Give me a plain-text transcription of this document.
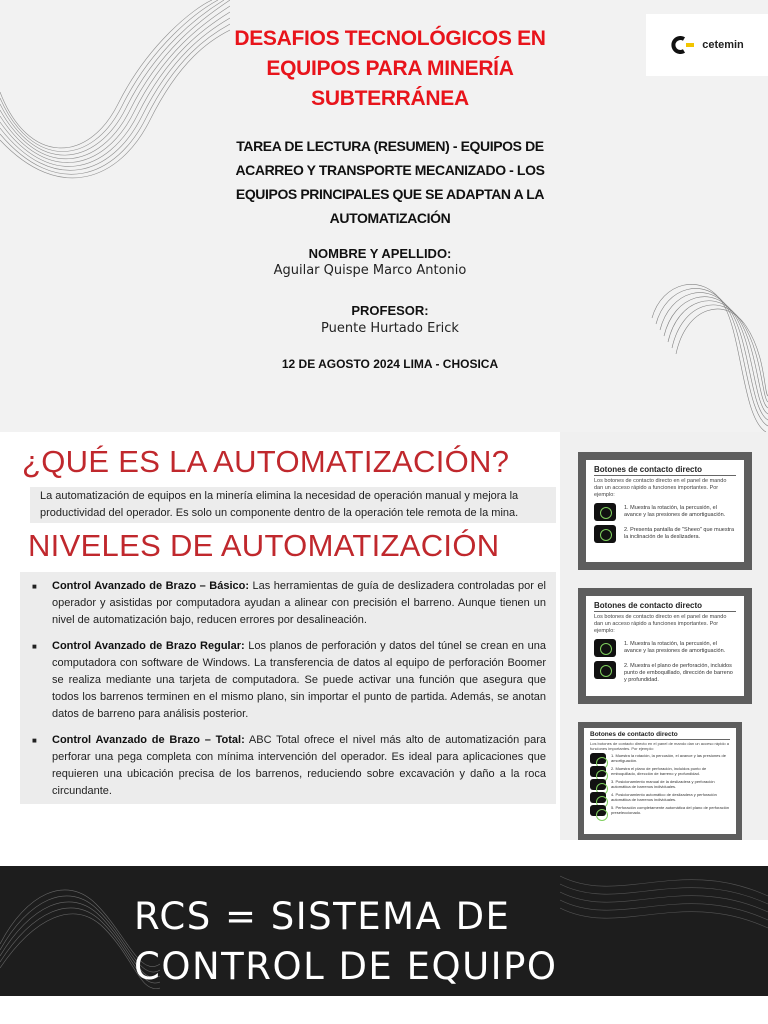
cetemin
DESAFIOS TECNOLÓGICOS EN
EQUIPOS PARA MINERÍA
SUBTERRÁNEA
TAREA DE LECTURA (RESUMEN) - EQUIPOS DE
ACARREO Y TRANSPORTE MECANIZADO - LOS
EQUIPOS PRINCIPALES QUE SE ADAPTAN A LA
AUTOMATIZACIÓN
NOMBRE Y APELLIDO:
Aguilar Quispe Marco Antonio
PROFESOR:
Puente Hurtado Erick
12 DE AGOSTO 2024 LIMA - CHOSICA
¿QUÉ ES LA AUTOMATIZACIÓN?
La automatización de equipos en la minería elimina la necesidad de operación manual y mejora la productividad del operador. Es solo un componente dentro de la operación tele remota de la mina.
NIVELES DE AUTOMATIZACIÓN
■	Control Avanzado de Brazo – Básico: Las herramientas de guía de deslizadera controladas por el operador y asistidas por computadora ayudan a alinear con precisión el barreno. Aunque tienen un nivel de automatización bajo, reducen errores por desalineación.
■	Control Avanzado de Brazo Regular: Los planos de perforación y datos del túnel se crean en una computadora con software de Windows. La transferencia de datos al equipo de perforación Boomer se realiza mediante una tarjeta de computadora. Se puede activar una función que asegura que todos los barrenos terminen en el mismo plano, sin importar el punto de partida. Además, se anotan datos de barreno para análisis posterior.
■	Control Avanzado de Brazo – Total: ABC Total ofrece el nivel más alto de automatización para perforar una pega completa con mínima intervención del operador. Es ideal para aplicaciones que requieren una ubicación precisa de los barrenos, reduciendo sobre excavación y daño a la roca circundante.
Botones de contacto directo
Los botones de contacto directo en el panel de mando dan un acceso rápido a funciones importantes. Por ejemplo:
1. Muestra la rotación, la percusión, el avance y las presiones de amortiguación.
2. Presenta pantalla de "Sheeo" que muestra la inclinación de la deslizadera.
Botones de contacto directo
Los botones de contacto directo en el panel de mando dan un acceso rápido a funciones importantes. Por ejemplo:
1. Muestra la rotación, la percusión, el avance y las presiones de amortiguación.
2. Muestra el plano de perforación, incluidos punto de emboquillado, dirección de barreno y profundidad.
Botones de contacto directo
Los botones de contacto directo en el panel de mando dan un acceso rápido a funciones importantes. Por ejemplo:
1. Muestra la rotación, la percusión, el avance y las presiones de amortiguación.
2. Muestra el plano de perforación, incluidos punto de emboquillado, dirección de barreno y profundidad.
3. Posicionamiento manual de la deslizadera y perforación automática de barrenos individuales.
4. Posicionamiento automático de deslizadera y perforación automática de barrenos individuales.
5. Perforación completamente automática del plano de perforación preseleccionado.
RCS = SISTEMA DE
CONTROL DE EQUIPO
